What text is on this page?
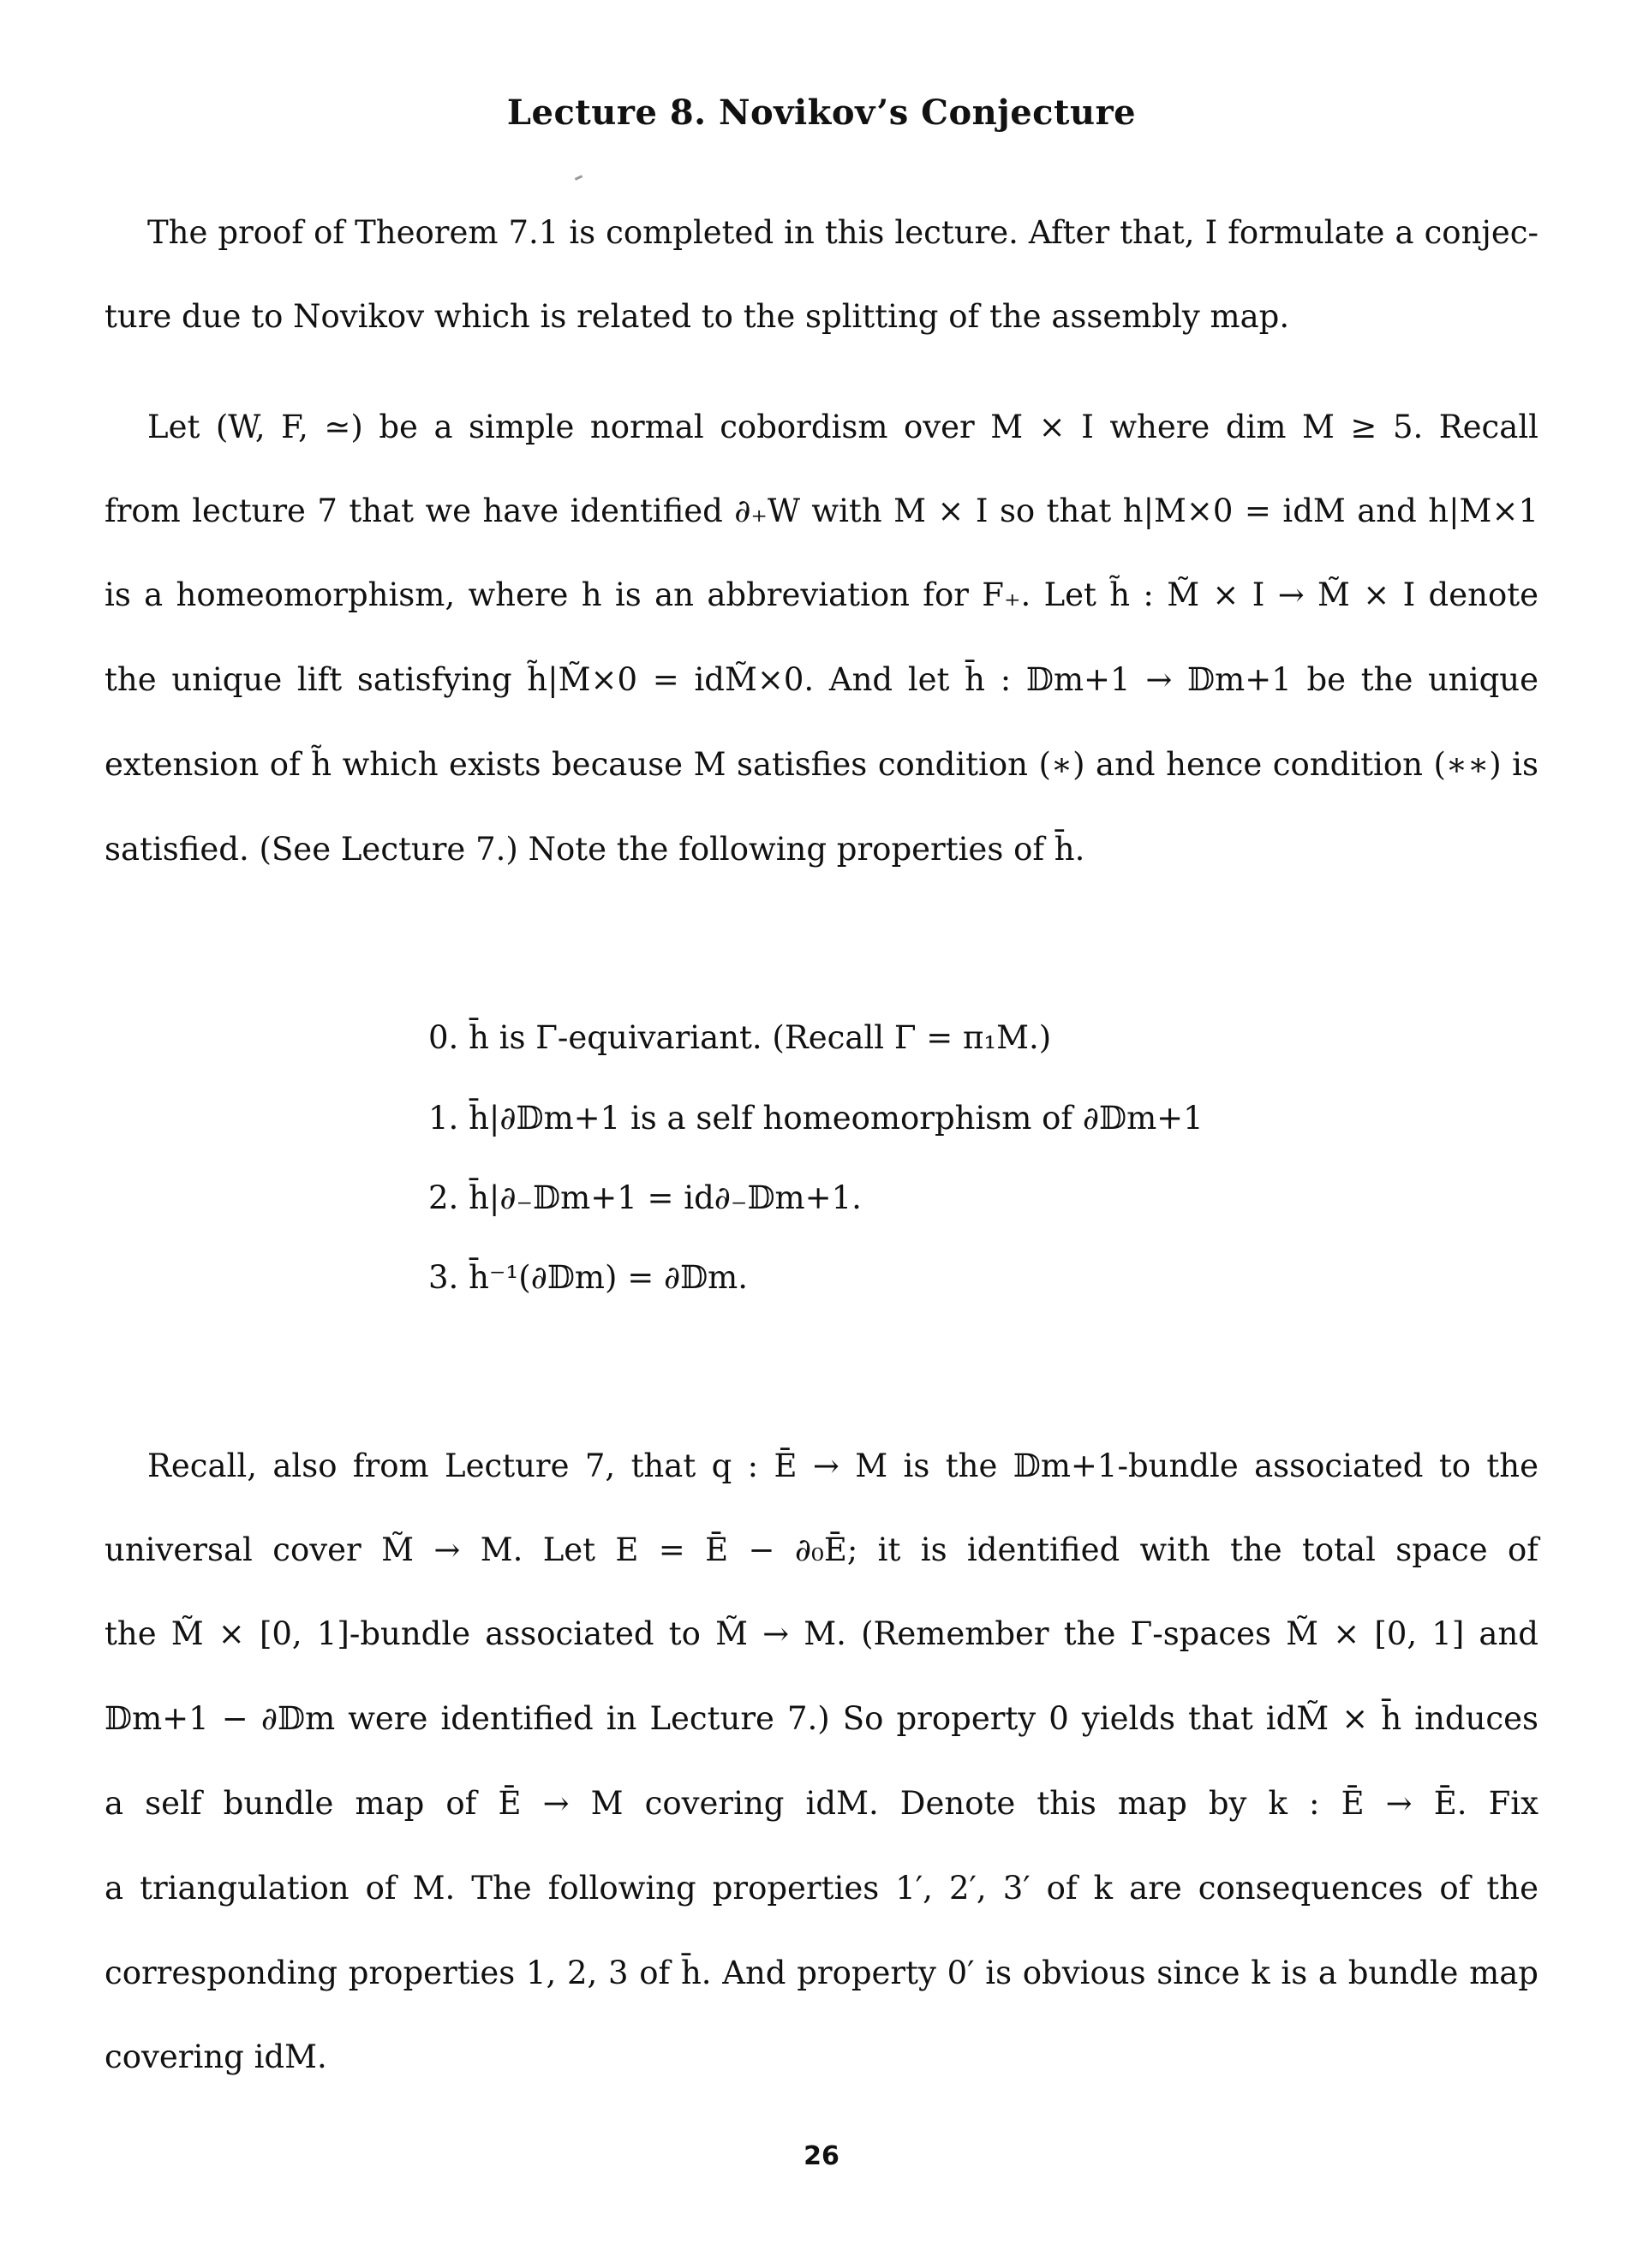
Lecture 8. Novikov’s Conjecture
The proof of Theorem 7.1 is completed in this lecture. After that, I formulate a conjec-
ture due to Novikov which is related to the splitting of the assembly map.
Let (W, F, ≃) be a simple normal cobordism over M × I where dim M ≥ 5. Recall
from lecture 7 that we have identified ∂₊W with M × I so that h|M×0 = idM and h|M×1
is a homeomorphism, where h is an abbreviation for F₊. Let h̃ : M̃ × I → M̃ × I denote
the unique lift satisfying h̃|M̃×0 = idM̃×0. And let h̄ : 𝔻m+1 → 𝔻m+1 be the unique
extension of h̃ which exists because M satisfies condition (∗) and hence condition (∗∗) is
satisfied. (See Lecture 7.) Note the following properties of h̄.
0. h̄ is Γ-equivariant. (Recall Γ = π₁M.)
1. h̄|∂𝔻m+1 is a self homeomorphism of ∂𝔻m+1
2. h̄|∂₋𝔻m+1 = id∂₋𝔻m+1.
3. h̄⁻¹(∂𝔻m) = ∂𝔻m.
Recall, also from Lecture 7, that q : Ē → M is the 𝔻m+1-bundle associated to the
universal cover M̃ → M. Let E = Ē − ∂₀Ē; it is identified with the total space of
the M̃ × [0, 1]-bundle associated to M̃ → M. (Remember the Γ-spaces M̃ × [0, 1] and
𝔻m+1 − ∂𝔻m were identified in Lecture 7.) So property 0 yields that idM̃ × h̄ induces
a self bundle map of Ē → M covering idM. Denote this map by k : Ē → Ē. Fix
a triangulation of M. The following properties 1′, 2′, 3′ of k are consequences of the
corresponding properties 1, 2, 3 of h̄. And property 0′ is obvious since k is a bundle map
covering idM.
26
